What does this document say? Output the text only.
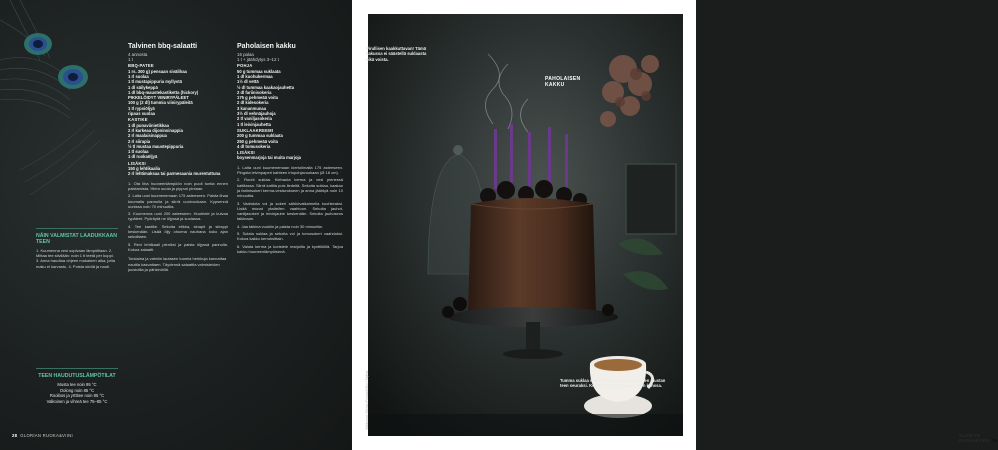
Talvinen bbq-salaatti
4 annosta
1 t
BBQ-PATEE
1 rs. 300 g) pensaan sivälihaa
1 rl suolaa
1 tl mustapippuria myllystä
1 dl säilykeppä
1 dl bbq-maustekastiketta (hickory)
PIKKELÖIDYT VIINIRYPÄLEET
100 g (2 dl) tummia viinirypäleitä
1 tl rypsiöljyä
ripaus suolaa
KASTIKE
1 dl punaviinietikkaa
2 rl karkeaa dijoninsinappia
2 rl maalaisinappua
2 rl siirapia
½ tl mustaa maustepippuria
1 tl suolaa
1 dl ruokaöljyä
LISÄKSI
150 g lehtikaalia
2 rl lehtimaksaa tai parmesaania murentuttuna

1. Ota liha huoneenlämpöön noin puoli tuntia ennen paistamista. Hiero suola ja pippuri pintaan.

2. Laita uuni kuumenemaan 175 asteeseen. Paista lihaa kuumalla pannulla ja siirrä uunivuokaan. Kypsennä uunissa noin 70 minuuttia.

3. Kuumenna uuni 200 asteeseen. Huuhtele ja kuivaa rypäleet. Pyöräytä ne öljyssä ja suolassa.

4. Tee kastike. Sekoita etikka, sinapit ja siirappi keskenään. Lisää öljy ohuena nauhana koko ajan sekoittaen.

5. Revi lehtikaali pieniksi ja paista öljyssä pannulla. Kokoa salaatti.

Torstaina ja valmiin lautasen tuomia herkkuja kannattaa nauttia kasvattaen. Täydennä salaattia valmisteiden juustoilla ja pähkinöillä.
Paholaisen kakku
16 palaa
1 t + jäähdytys 3–12 t
POHJA
50 g tummaa suklaata
1 dl kuohukermaa
1½ dl vettä
½ dl tummaa kaakaojauhetta
2 dl fariinisokeria
175 g pehmeää voita
2 dl kidesokeria
3 kananmunaa
3½ dl vehnäjauhoja
2 tl vaniljasokeria
1 tl leivinjauhetta
SUKLAAKREEMI
200 g tummaa suklaata
250 g pehmeää voita
4 dl tomusokeria
LISÄKSI
boysenmarjoja tai muita marjoja

1. Laita uuni kuumenemaan kiertoilmalla 175 asteeseen. Pingota leivinpaperi kahteen irtopohjavuokaan (Ø 18 cm).

2. Rouhi suklaa. Kiehauta kerma ja vesi pienessä kattilassa. Siirrä kattila pois liedeltä. Sekoita suklaa, kaakao ja fariinisokeri kerma-vesiseokseen ja anna jäähtyä noin 10 minuuttia.

3. Vaahdota voi ja sokeri sähkövatkaimella kuohkeaksi. Lisää munat yksitellen vaahtoon. Sekoita jauhot, vaniljasokeri ja leivinjauhe keskenään. Sekoita jauhoseos taikinaan.

4. Jaa taikina vuokiin ja paista noin 30 minuuttia.

5. Sulata suklaa ja sekoita voi ja tomusokeri vaahdoksi. Kokoa kakku kerroksittain.

6. Valuta kerma ja koristele marjoilla ja kynttilöillä. Tarjoa kakku huoneenlämpöisenä.

NÄIN VALMISTAT LAADUKKAAN TEEN
1. Kuumenna vesi sopivaan lämpötilaan. 2. Mittaa tee siivilään: noin 1 tl teetä per kuppi. 3. Anna haudtua ohjeen mukainen aika, jotta maku ei karvastu. 4. Poista siivilä ja nauti.
TEEN HAUDUTUSLÄMPÖTILAT
Musta tee noin 95 °C
Oolong noin 85 °C
Rooibos ja yrttitee noin 85 °C
Valkoinen ja vihreä tee 75–85 °C
28 GLORIAN RUOKA&VIINI	GLORIAN RUOKA&VIINI 29
Pirullisen kaakkuttavan! Tämä kakussa ei säästellä suklaasta eikä voista.
PAHOLAISEN KAKKU
Tumma suklaa sopii erityisen hyvin savuisen mustan teen seuraksi. Kokeile myös punaisen teen kanssa.
Valokuvat: Glorian Ruoka&Viini / Stylisti
